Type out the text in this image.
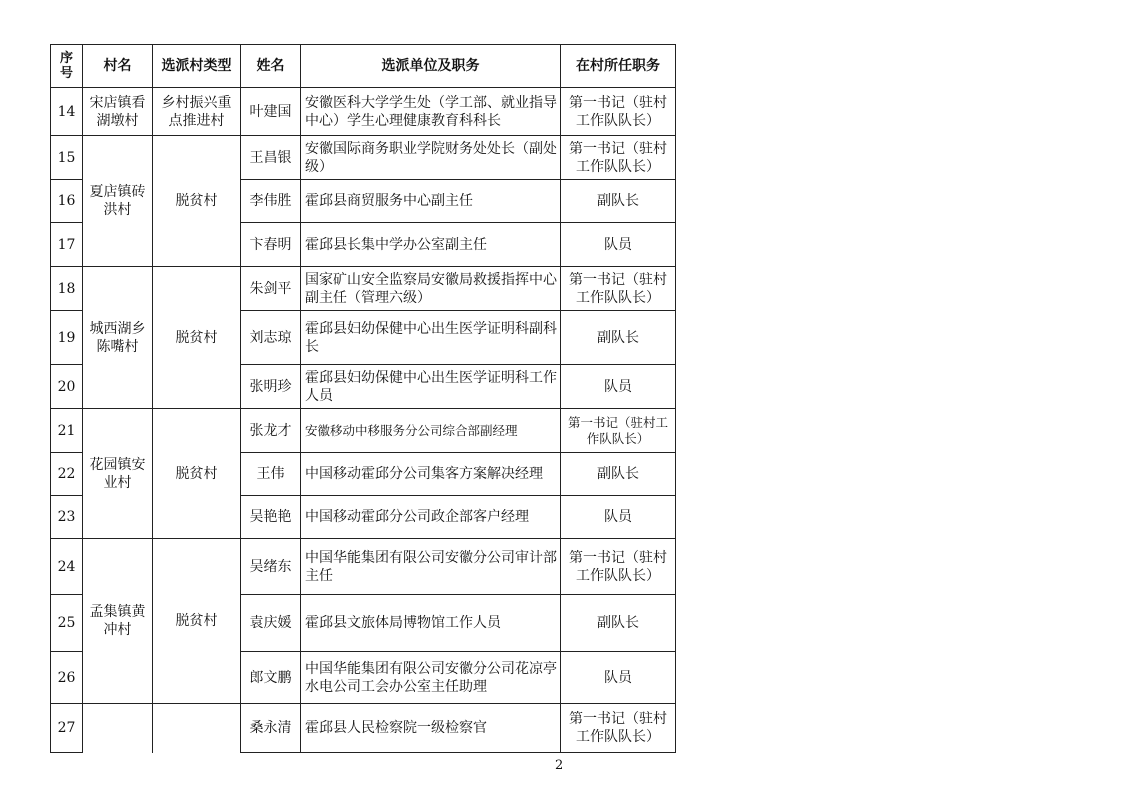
序号	村名	选派村类型	姓名	选派单位及职务	在村所任职务
14	宋店镇看湖墩村	乡村振兴重点推进村	叶建国	安徽医科大学学生处（学工部、就业指导中心）学生心理健康教育科科长	第一书记（驻村工作队队长）
15	夏店镇砖洪村	脱贫村	王昌银	安徽国际商务职业学院财务处处长（副处级）	第一书记（驻村工作队队长）
16			李伟胜	霍邱县商贸服务中心副主任	副队长
17			卞春明	霍邱县长集中学办公室副主任	队员
18	城西湖乡陈嘴村	脱贫村	朱剑平	国家矿山安全监察局安徽局救援指挥中心副主任（管理六级）	第一书记（驻村工作队队长）
19			刘志琼	霍邱县妇幼保健中心出生医学证明科副科长	副队长
20			张明珍	霍邱县妇幼保健中心出生医学证明科工作人员	队员
21	花园镇安业村	脱贫村	张龙才	安徽移动中移服务分公司综合部副经理	第一书记（驻村工作队队长）
22			王伟	中国移动霍邱分公司集客方案解决经理	副队长
23			吴艳艳	中国移动霍邱分公司政企部客户经理	队员
24	孟集镇黄冲村	脱贫村	吴绪东	中国华能集团有限公司安徽分公司审计部主任	第一书记（驻村工作队队长）
25			袁庆媛	霍邱县文旅体局博物馆工作人员	副队长
26			郎文鹏	中国华能集团有限公司安徽分公司花凉亭水电公司工会办公室主任助理	队员
27			桑永清	霍邱县人民检察院一级检察官	第一书记（驻村工作队队长）
2
